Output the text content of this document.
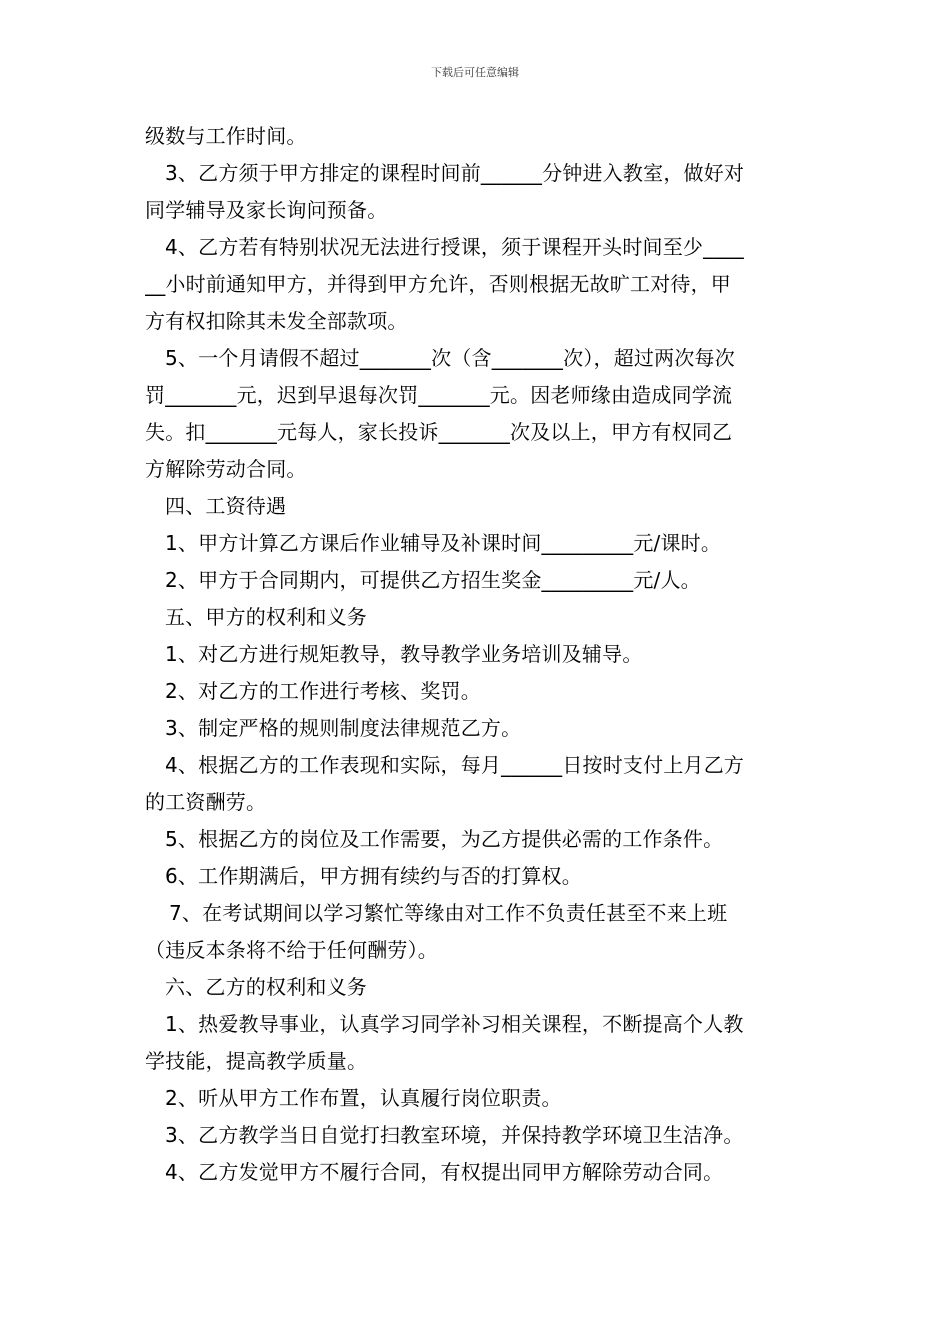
下载后可任意编辑
级数与工作时间。
3、乙方须于甲方排定的课程时间前______分钟进入教室，做好对
同学辅导及家长询问预备。
4、乙方若有特别状况无法进行授课，须于课程开头时间至少____
__小时前通知甲方，并得到甲方允许，否则根据无故旷工对待，甲
方有权扣除其未发全部款项。
5、一个月请假不超过_______次（含_______次），超过两次每次
罚_______元，迟到早退每次罚_______元。因老师缘由造成同学流
失。扣_______元每人，家长投诉_______次及以上，甲方有权同乙
方解除劳动合同。
四、工资待遇
1、甲方计算乙方课后作业辅导及补课时间_________元/课时。
2、甲方于合同期内，可提供乙方招生奖金_________元/人。
五、甲方的权利和义务
1、对乙方进行规矩教导，教导教学业务培训及辅导。
2、对乙方的工作进行考核、奖罚。
3、制定严格的规则制度法律规范乙方。
4、根据乙方的工作表现和实际，每月______日按时支付上月乙方
的工资酬劳。
5、根据乙方的岗位及工作需要，为乙方提供必需的工作条件。
6、工作期满后，甲方拥有续约与否的打算权。
7、在考试期间以学习繁忙等缘由对工作不负责任甚至不来上班
（违反本条将不给于任何酬劳）。
六、乙方的权利和义务
1、热爱教导事业，认真学习同学补习相关课程，不断提高个人教
学技能，提高教学质量。
2、听从甲方工作布置，认真履行岗位职责。
3、乙方教学当日自觉打扫教室环境，并保持教学环境卫生洁净。
4、乙方发觉甲方不履行合同，有权提出同甲方解除劳动合同。
